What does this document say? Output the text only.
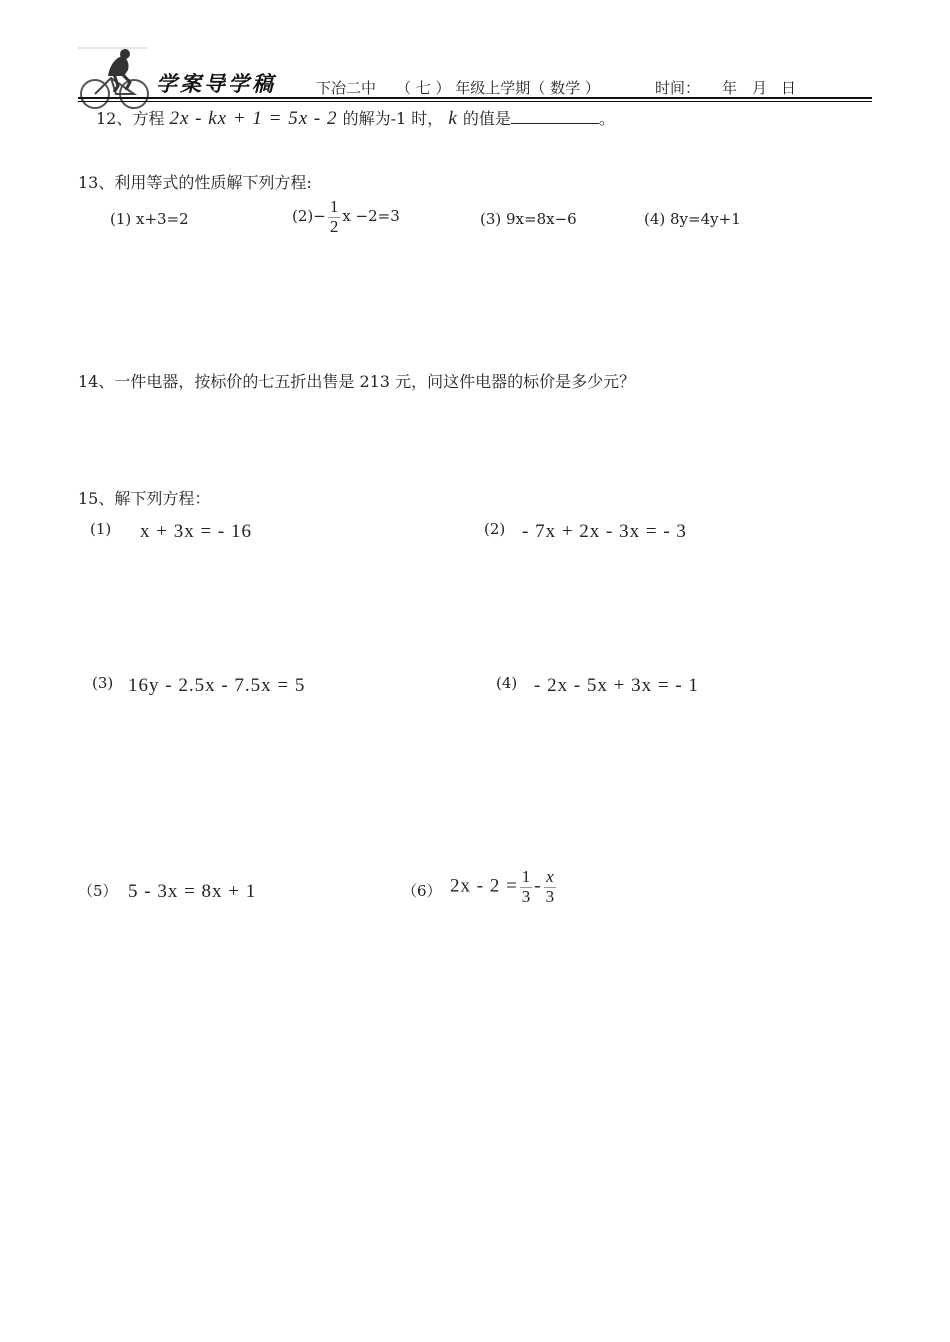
学案导学稿	下冶二中 （ 七 ） 年级上学期（ 数学 ）	时间： 年 月 日
12、方程 2x - kx + 1 = 5x - 2 的解为-1 时， k 的值是	。
13、利用等式的性质解下列方程:
(1) x+3=2	$(2)- \frac{1}{2}$ x −2=3	(3) 9x=8x−6	(4) 8y=4y+1
14、一件电器，按标价的七五折出售是 213 元，问这件电器的标价是多少元？
15、解下列方程：
(1) x + 3x = - 16	(2) - 7x + 2x - 3x = - 3
(3) 16y - 2.5x - 7.5x = 5	(4) - 2x - 5x + 3x = - 1
（5） 5 - 3x = 8x + 1	（6） $2x - 2 = \frac{1}{3} - \frac{x}{3}$
